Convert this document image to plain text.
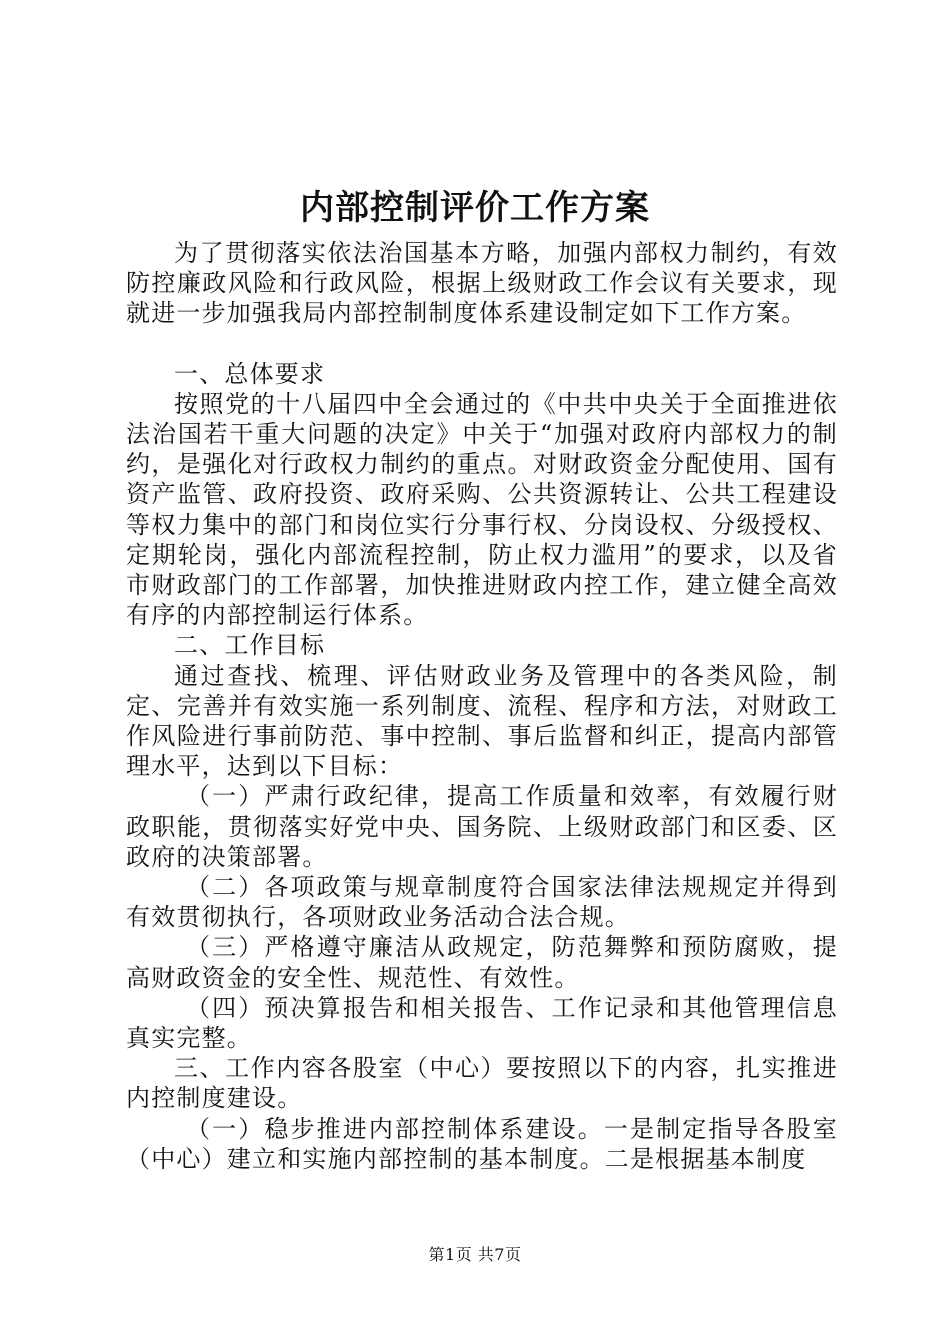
内部控制评价工作方案

为了贯彻落实依法治国基本方略，加强内部权力制约，有效防控廉政风险和行政风险，根据上级财政工作会议有关要求，现就进一步加强我局内部控制制度体系建设制定如下工作方案。

一、总体要求

按照党的十八届四中全会通过的《中共中央关于全面推进依法治国若干重大问题的决定》中关于“加强对政府内部权力的制约，是强化对行政权力制约的重点。对财政资金分配使用、国有资产监管、政府投资、政府采购、公共资源转让、公共工程建设等权力集中的部门和岗位实行分事行权、分岗设权、分级授权、定期轮岗，强化内部流程控制，防止权力滥用”的要求，以及省市财政部门的工作部署，加快推进财政内控工作，建立健全高效有序的内部控制运行体系。

二、工作目标

通过查找、梳理、评估财政业务及管理中的各类风险，制定、完善并有效实施一系列制度、流程、程序和方法，对财政工作风险进行事前防范、事中控制、事后监督和纠正，提高内部管理水平，达到以下目标：

（一）严肃行政纪律，提高工作质量和效率，有效履行财政职能，贯彻落实好党中央、国务院、上级财政部门和区委、区政府的决策部署。

（二）各项政策与规章制度符合国家法律法规规定并得到有效贯彻执行，各项财政业务活动合法合规。

（三）严格遵守廉洁从政规定，防范舞弊和预防腐败，提高财政资金的安全性、规范性、有效性。

（四）预决算报告和相关报告、工作记录和其他管理信息真实完整。

三、工作内容各股室（中心）要按照以下的内容，扎实推进内控制度建设。

（一）稳步推进内部控制体系建设。一是制定指导各股室（中心）建立和实施内部控制的基本制度。二是根据基本制度

第1页 共7页
